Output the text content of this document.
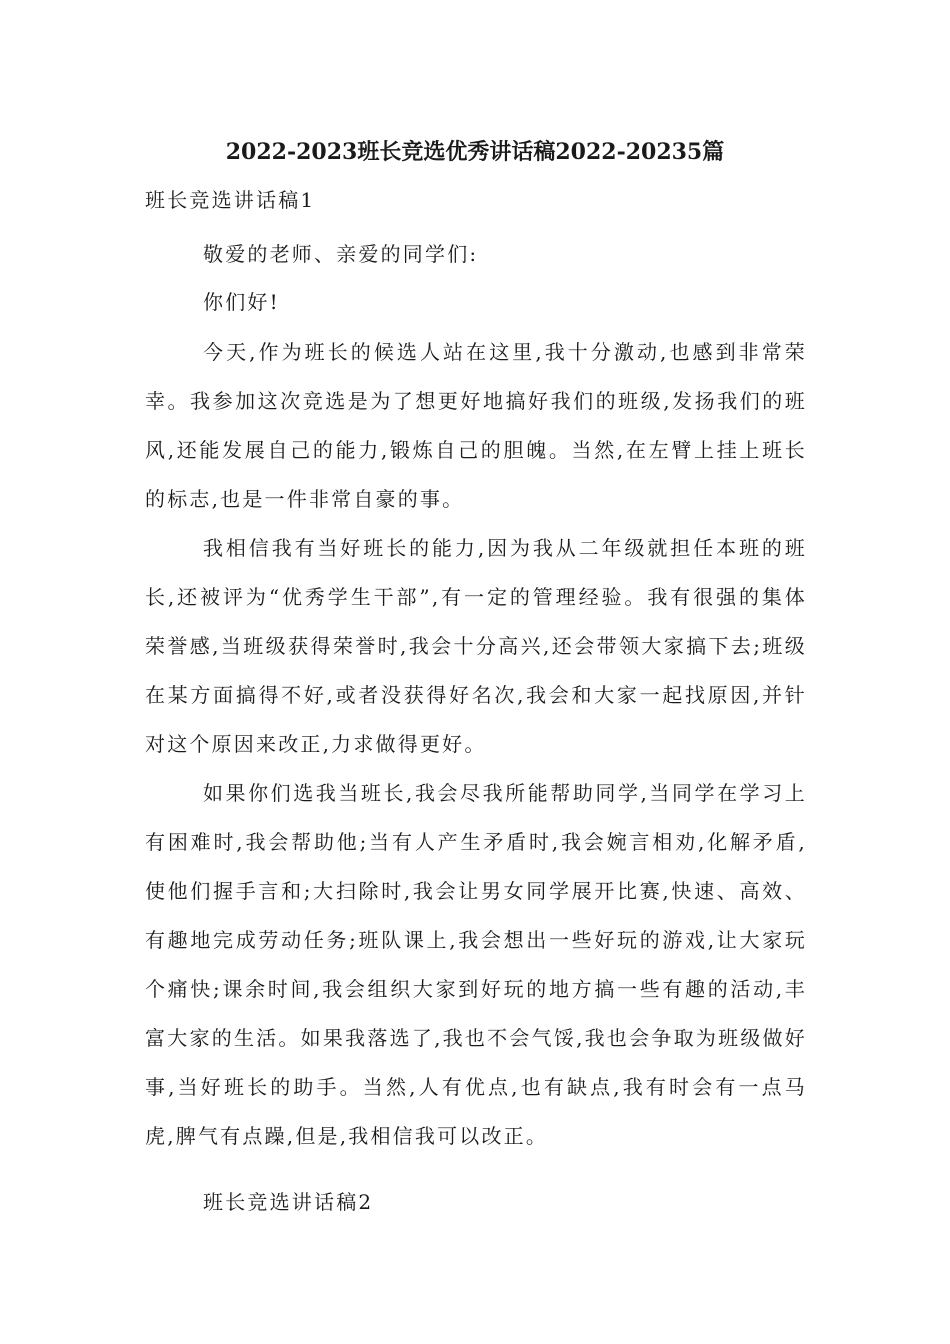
2022-2023班长竞选优秀讲话稿2022-20235篇
班长竞选讲话稿1
敬爱的老师、亲爱的同学们:
你们好!

今天,作为班长的候选人站在这里,我十分激动,也感到非常荣幸。我参加这次竞选是为了想更好地搞好我们的班级,发扬我们的班风,还能发展自己的能力,锻炼自己的胆魄。当然,在左臂上挂上班长的标志,也是一件非常自豪的事。

我相信我有当好班长的能力,因为我从二年级就担任本班的班长,还被评为“优秀学生干部”,有一定的管理经验。我有很强的集体荣誉感,当班级获得荣誉时,我会十分高兴,还会带领大家搞下去;班级在某方面搞得不好,或者没获得好名次,我会和大家一起找原因,并针对这个原因来改正,力求做得更好。

如果你们选我当班长,我会尽我所能帮助同学,当同学在学习上有困难时,我会帮助他;当有人产生矛盾时,我会婉言相劝,化解矛盾,使他们握手言和;大扫除时,我会让男女同学展开比赛,快速、高效、有趣地完成劳动任务;班队课上,我会想出一些好玩的游戏,让大家玩个痛快;课余时间,我会组织大家到好玩的地方搞一些有趣的活动,丰富大家的生活。如果我落选了,我也不会气馁,我也会争取为班级做好事,当好班长的助手。当然,人有优点,也有缺点,我有时会有一点马虎,脾气有点躁,但是,我相信我可以改正。

班长竞选讲话稿2
